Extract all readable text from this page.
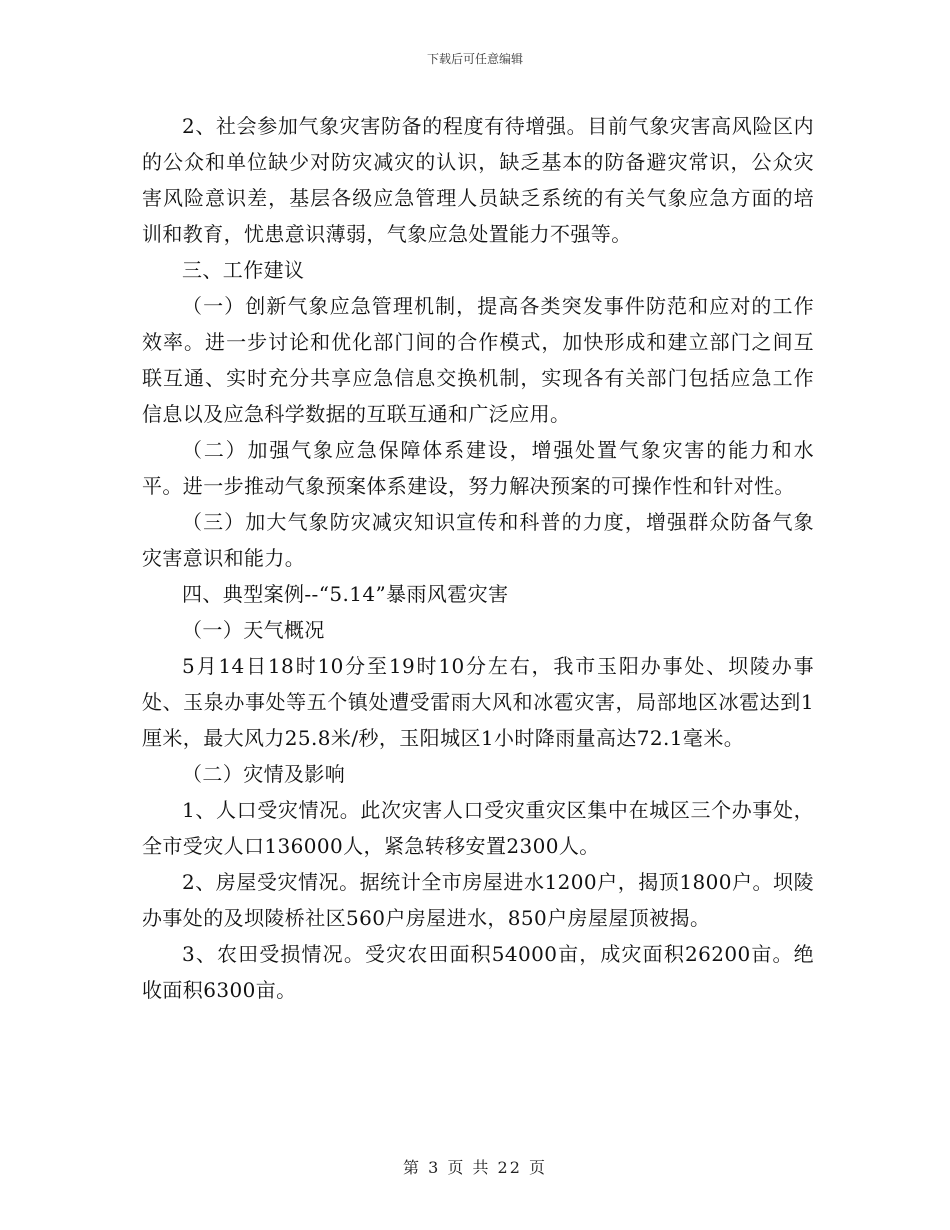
下载后可任意编辑

2、社会参加气象灾害防备的程度有待增强。目前气象灾害高风险区内的公众和单位缺少对防灾减灾的认识，缺乏基本的防备避灾常识，公众灾害风险意识差，基层各级应急管理人员缺乏系统的有关气象应急方面的培训和教育，忧患意识薄弱，气象应急处置能力不强等。

三、工作建议

（一）创新气象应急管理机制，提高各类突发事件防范和应对的工作效率。进一步讨论和优化部门间的合作模式，加快形成和建立部门之间互联互通、实时充分共享应急信息交换机制，实现各有关部门包括应急工作信息以及应急科学数据的互联互通和广泛应用。

（二）加强气象应急保障体系建设，增强处置气象灾害的能力和水平。进一步推动气象预案体系建设，努力解决预案的可操作性和针对性。

（三）加大气象防灾减灾知识宣传和科普的力度，增强群众防备气象灾害意识和能力。

四、典型案例--“5.14”暴雨风雹灾害

（一）天气概况

5月14日18时10分至19时10分左右，我市玉阳办事处、坝陵办事处、玉泉办事处等五个镇处遭受雷雨大风和冰雹灾害，局部地区冰雹达到1厘米，最大风力25.8米/秒，玉阳城区1小时降雨量高达72.1毫米。

（二）灾情及影响

1、人口受灾情况。此次灾害人口受灾重灾区集中在城区三个办事处，全市受灾人口136000人，紧急转移安置2300人。

2、房屋受灾情况。据统计全市房屋进水1200户，揭顶1800户。坝陵办事处的及坝陵桥社区560户房屋进水，850户房屋屋顶被揭。

3、农田受损情况。受灾农田面积54000亩，成灾面积26200亩。绝收面积6300亩。

第 3 页 共 22 页
